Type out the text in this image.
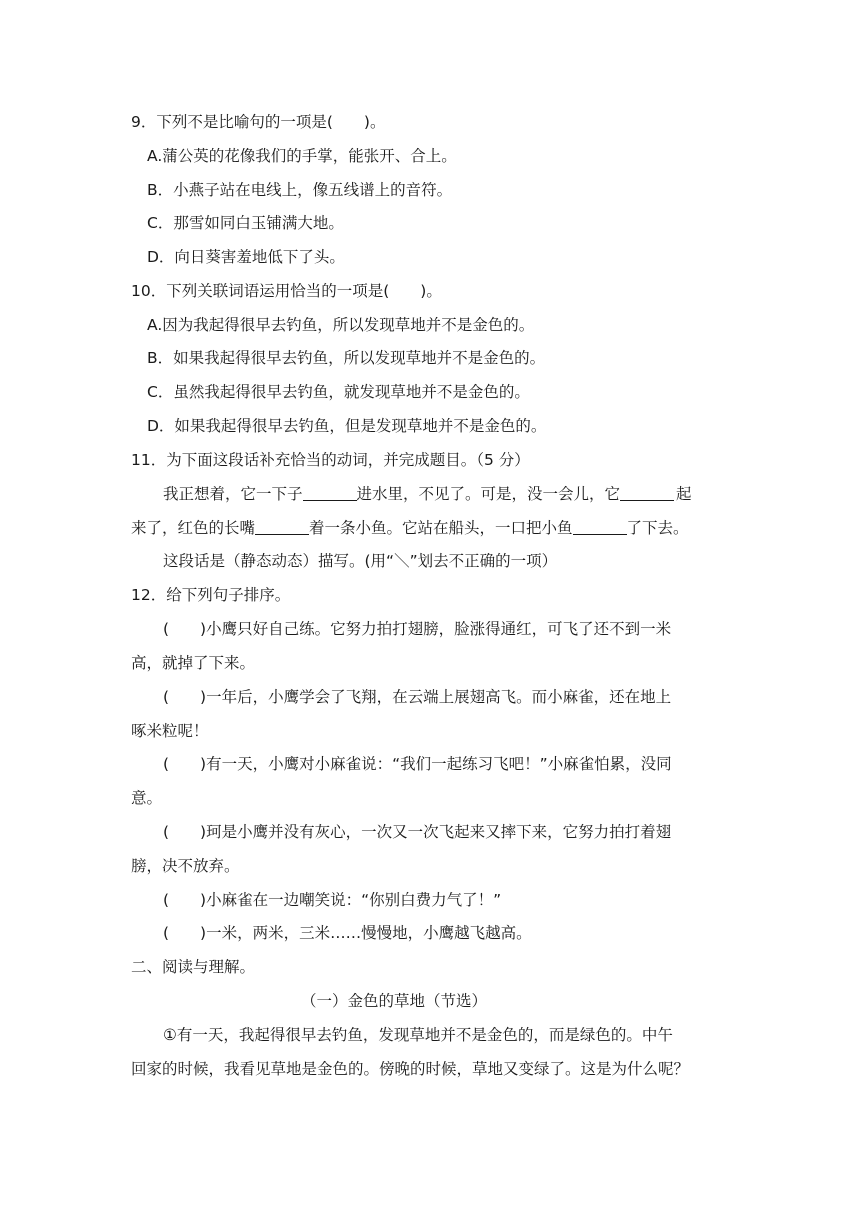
9．下列不是比喻句的一项是(　　)。
A.蒲公英的花像我们的手掌，能张开、合上。
B．小燕子站在电线上，像五线谱上的音符。
C．那雪如同白玉铺满大地。
D．向日葵害羞地低下了头。
10．下列关联词语运用恰当的一项是(　　)。
A.因为我起得很早去钓鱼，所以发现草地并不是金色的。
B．如果我起得很早去钓鱼，所以发现草地并不是金色的。
C．虽然我起得很早去钓鱼，就发现草地并不是金色的。
D．如果我起得很早去钓鱼，但是发现草地并不是金色的。
11．为下面这段话补充恰当的动词，并完成题目。（5 分）
我正想着，它一下子	进水里，不见了。可是，没一会儿，它	起
来了，红色的长嘴	着一条小鱼。它站在船头，一口把小鱼	了下去。
这段话是（静态动态）描写。(用“＼”划去不正确的一项）
12．给下列句子排序。
(　　)小鹰只好自己练。它努力拍打翅膀，脸涨得通红，可飞了还不到一米
高，就掉了下来。
(　　)一年后，小鹰学会了飞翔，在云端上展翅高飞。而小麻雀，还在地上
啄米粒呢！
(　　)有一天，小鹰对小麻雀说：“我们一起练习飞吧！”小麻雀怕累，没同
意。
(　　)珂是小鹰并没有灰心，一次又一次飞起来又摔下来，它努力拍打着翅
膀，决不放弃。
(　　)小麻雀在一边嘲笑说：“你别白费力气了！”
(　　)一米，两米，三米……慢慢地，小鹰越飞越高。
二、阅读与理解。
（一）金色的草地（节选）
①有一天，我起得很早去钓鱼，发现草地并不是金色的，而是绿色的。中午
回家的时候，我看见草地是金色的。傍晚的时候，草地又变绿了。这是为什么呢？
